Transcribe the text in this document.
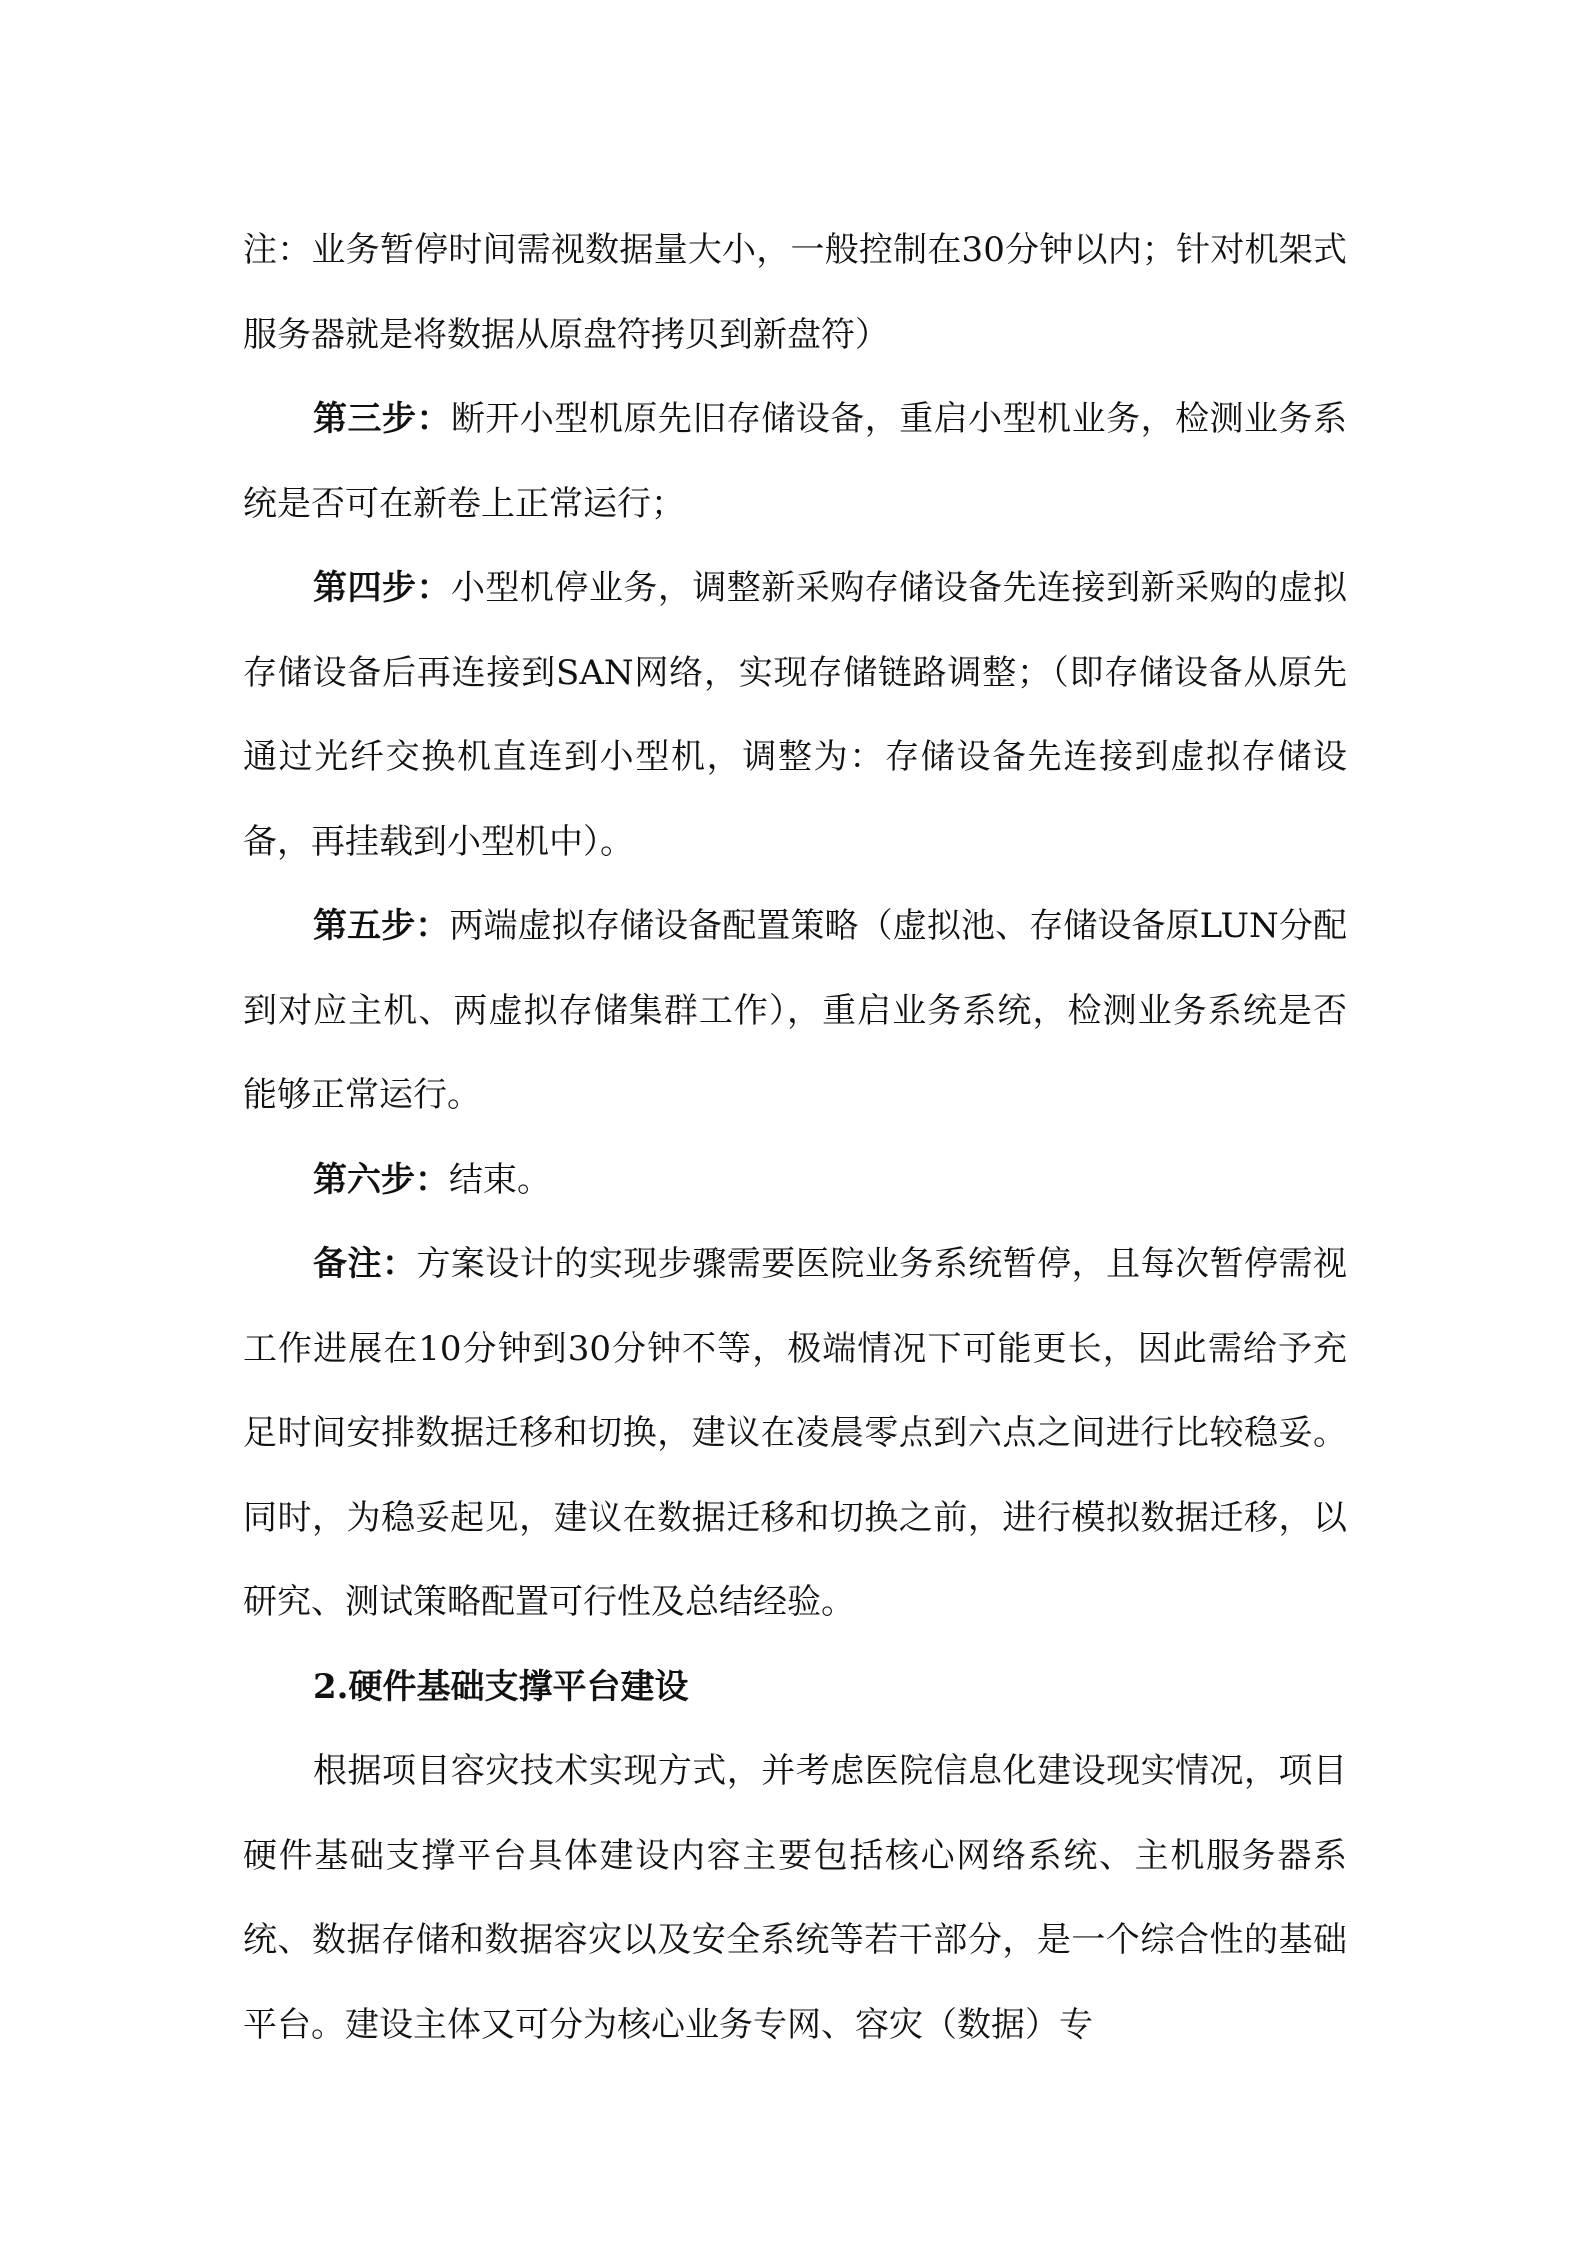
注：业务暂停时间需视数据量大小，一般控制在30分钟以内；针对机架式服务器就是将数据从原盘符拷贝到新盘符）

第三步：断开小型机原先旧存储设备，重启小型机业务，检测业务系统是否可在新卷上正常运行；

第四步：小型机停业务，调整新采购存储设备先连接到新采购的虚拟存储设备后再连接到SAN网络，实现存储链路调整；（即存储设备从原先通过光纤交换机直连到小型机，调整为：存储设备先连接到虚拟存储设备，再挂载到小型机中）。

第五步：两端虚拟存储设备配置策略（虚拟池、存储设备原LUN分配到对应主机、两虚拟存储集群工作），重启业务系统，检测业务系统是否能够正常运行。

第六步：结束。

备注：方案设计的实现步骤需要医院业务系统暂停，且每次暂停需视工作进展在10分钟到30分钟不等，极端情况下可能更长，因此需给予充足时间安排数据迁移和切换，建议在凌晨零点到六点之间进行比较稳妥。同时，为稳妥起见，建议在数据迁移和切换之前，进行模拟数据迁移，以研究、测试策略配置可行性及总结经验。

2.硬件基础支撑平台建设

根据项目容灾技术实现方式，并考虑医院信息化建设现实情况，项目硬件基础支撑平台具体建设内容主要包括核心网络系统、主机服务器系统、数据存储和数据容灾以及安全系统等若干部分，是一个综合性的基础平台。建设主体又可分为核心业务专网、容灾（数据）专
